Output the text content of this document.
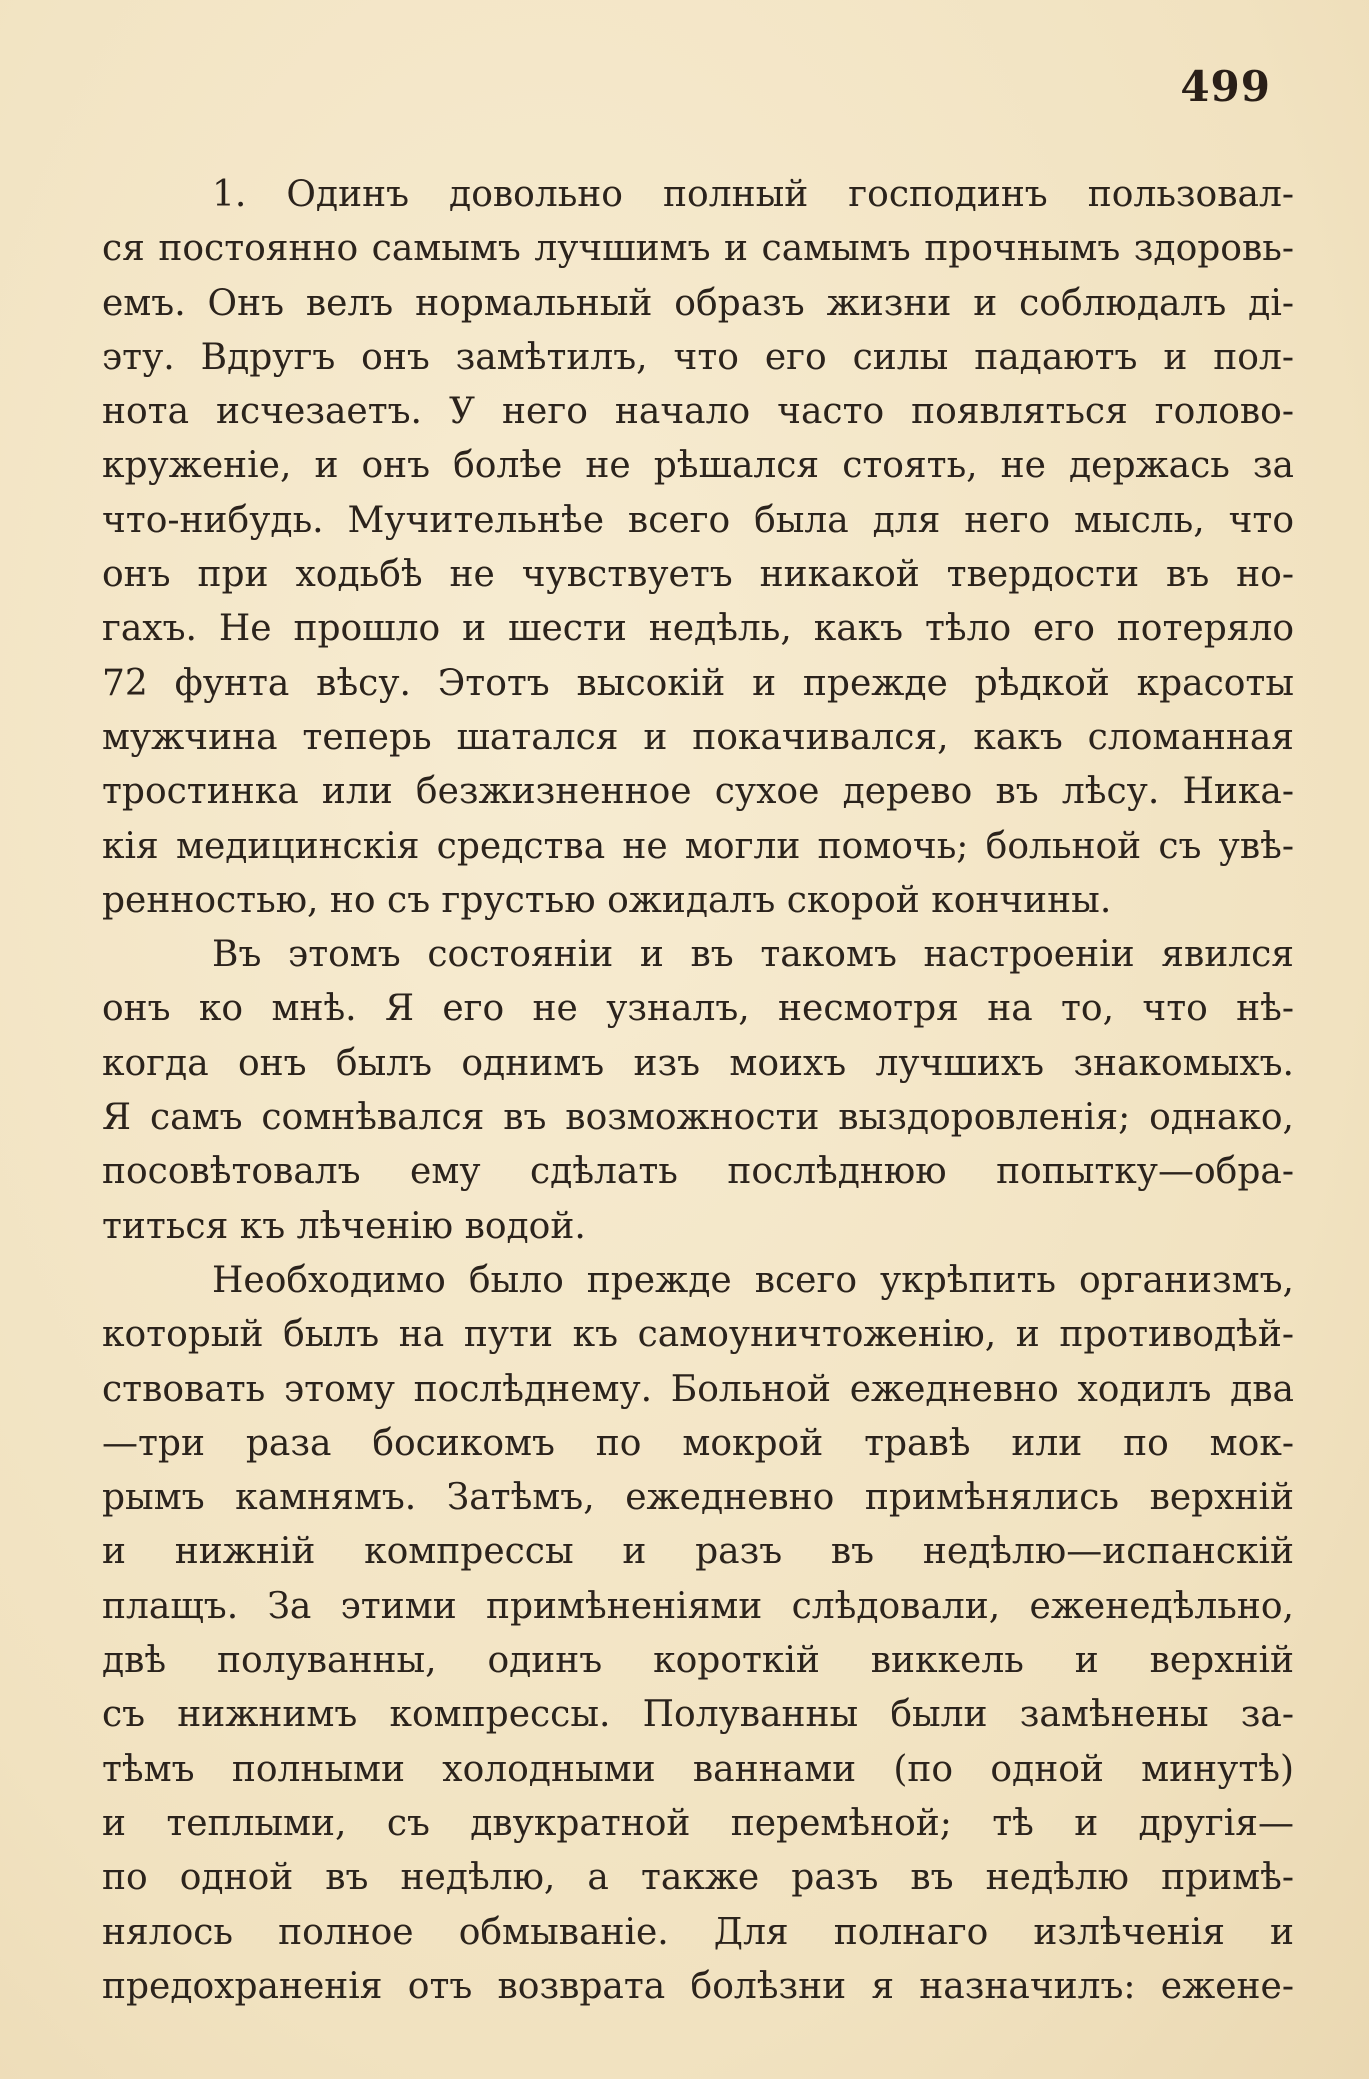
499
1. Одинъ довольно полный господинъ пользовал-
ся постоянно самымъ лучшимъ и самымъ прочнымъ здоровь-
емъ. Онъ велъ нормальный образъ жизни и соблюдалъ ді-
эту. Вдругъ онъ замѣтилъ, что его силы падаютъ и пол-
нота исчезаетъ. У него начало часто появляться голово-
круженіе, и онъ болѣе не рѣшался стоять, не держась за
что-нибудь. Мучительнѣе всего была для него мысль, что
онъ при ходьбѣ не чувствуетъ никакой твердости въ но-
гахъ. Не прошло и шести недѣль, какъ тѣло его потеряло
72 фунта вѣсу. Этотъ высокій и прежде рѣдкой красоты
мужчина теперь шатался и покачивался, какъ сломанная
тростинка или безжизненное сухое дерево въ лѣсу. Ника-
кія медицинскія средства не могли помочь; больной съ увѣ-
ренностью, но съ грустью ожидалъ скорой кончины.
Въ этомъ состояніи и въ такомъ настроеніи явился
онъ ко мнѣ. Я его не узналъ, несмотря на то, что нѣ-
когда онъ былъ однимъ изъ моихъ лучшихъ знакомыхъ.
Я самъ сомнѣвался въ возможности выздоровленія; однако,
посовѣтовалъ ему сдѣлать послѣднюю попытку—обра-
титься къ лѣченію водой.
Необходимо было прежде всего укрѣпить организмъ,
который былъ на пути къ самоуничтоженію, и противодѣй-
ствовать этому послѣднему. Больной ежедневно ходилъ два
—три раза босикомъ по мокрой травѣ или по мок-
рымъ камнямъ. Затѣмъ, ежедневно примѣнялись верхній
и нижній компрессы и разъ въ недѣлю—испанскій
плащъ. За этими примѣненіями слѣдовали, еженедѣльно,
двѣ полуванны, одинъ короткій виккель и верхній
съ нижнимъ компрессы. Полуванны были замѣнены за-
тѣмъ полными холодными ваннами (по одной минутѣ)
и теплыми, съ двукратной перемѣной; тѣ и другія—
по одной въ недѣлю, а также разъ въ недѣлю примѣ-
нялось полное обмываніе. Для полнаго излѣченія и
предохраненія отъ возврата болѣзни я назначилъ: еженe-
